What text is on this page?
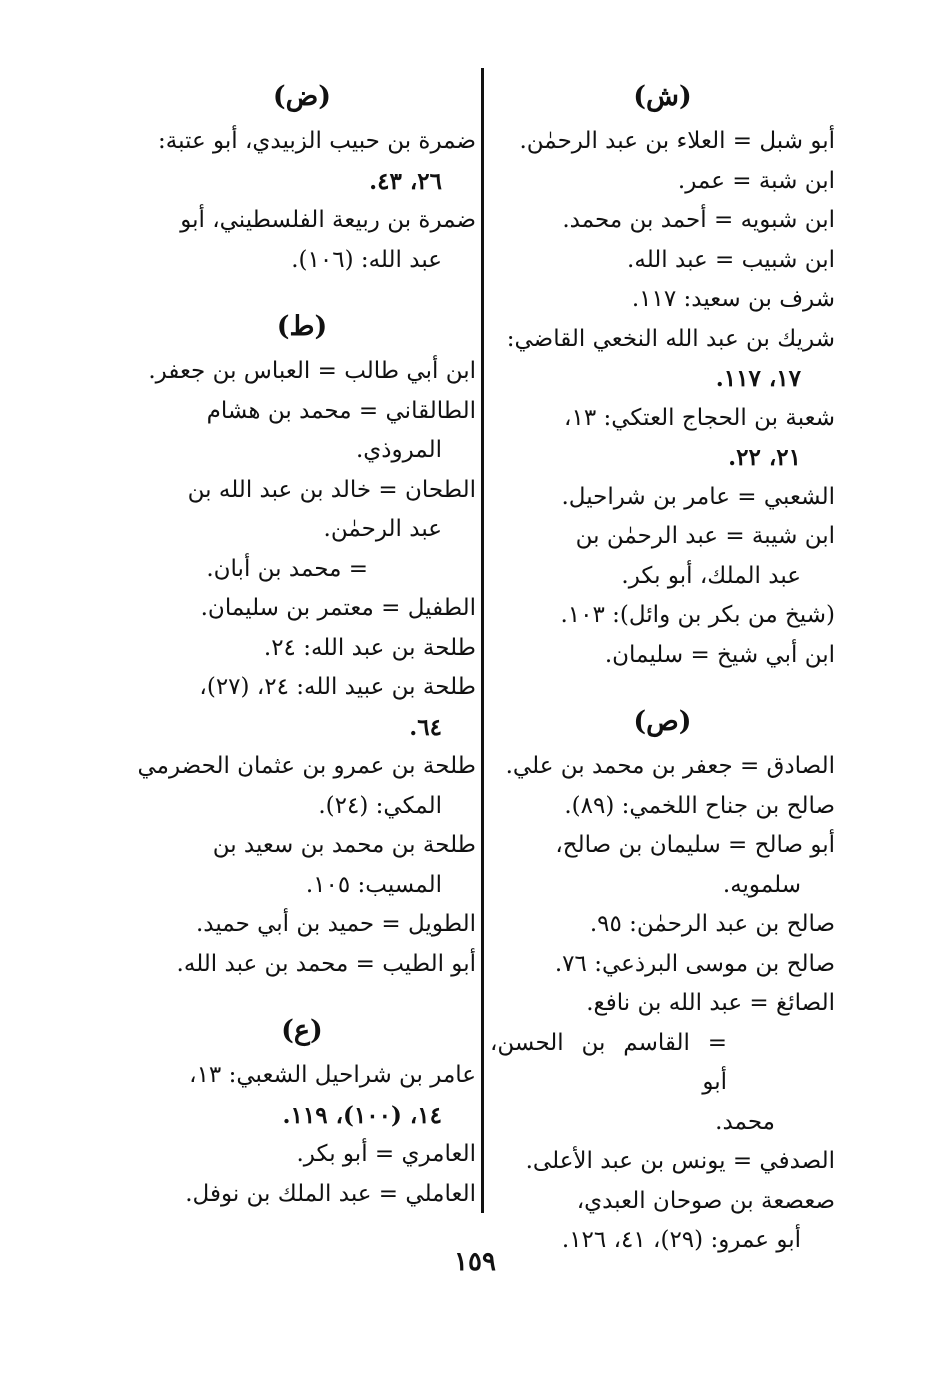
(ش)
أبو شبل = العلاء بن عبد الرحمٰن.
ابن شبة = عمر.
ابن شبويه = أحمد بن محمد.
ابن شبيب = عبد الله.
شرف بن سعيد: ١١٧.
شريك بن عبد الله النخعي القاضي:
١٧، ١١٧.
شعبة بن الحجاج العتكي: ١٣،
٢١، ٢٢.
الشعبي = عامر بن شراحيل.
ابن شيبة = عبد الرحمٰن بن
عبد الملك، أبو بكر.
(شيخ من بكر بن وائل): ١٠٣.
ابن أبي شيخ = سليمان.
(ص)
الصادق = جعفر بن محمد بن علي.
صالح بن جناح اللخمي: (٨٩).
أبو صالح = سليمان بن صالح،
سلمويه.
صالح بن عبد الرحمٰن: ٩٥.
صالح بن موسى البرذعي: ٧٦.
الصائغ = عبد الله بن نافع.
= القاسم بن الحسن، أبو
محمد.
الصدفي = يونس بن عبد الأعلى.
صعصعة بن صوحان العبدي،
أبو عمرو: (٢٩)، ٤١، ١٢٦.
(ض)
ضمرة بن حبيب الزبيدي، أبو عتبة:
٢٦، ٤٣.
ضمرة بن ربيعة الفلسطيني، أبو
عبد الله: (١٠٦).
(ط)
ابن أبي طالب = العباس بن جعفر.
الطالقاني = محمد بن هشام
المروذي.
الطحان = خالد بن عبد الله بن
عبد الرحمٰن.
= محمد بن أبان.
الطفيل = معتمر بن سليمان.
طلحة بن عبد الله: ٢٤.
طلحة بن عبيد الله: ٢٤، (٢٧)،
٦٤.
طلحة بن عمرو بن عثمان الحضرمي
المكي: (٢٤).
طلحة بن محمد بن سعيد بن
المسيب: ١٠٥.
الطويل = حميد بن أبي حميد.
أبو الطيب = محمد بن عبد الله.
(ع)
عامر بن شراحيل الشعبي: ١٣،
١٤، (١٠٠)، ١١٩.
العامري = أبو بكر.
العاملي = عبد الملك بن نوفل.
١٥٩
